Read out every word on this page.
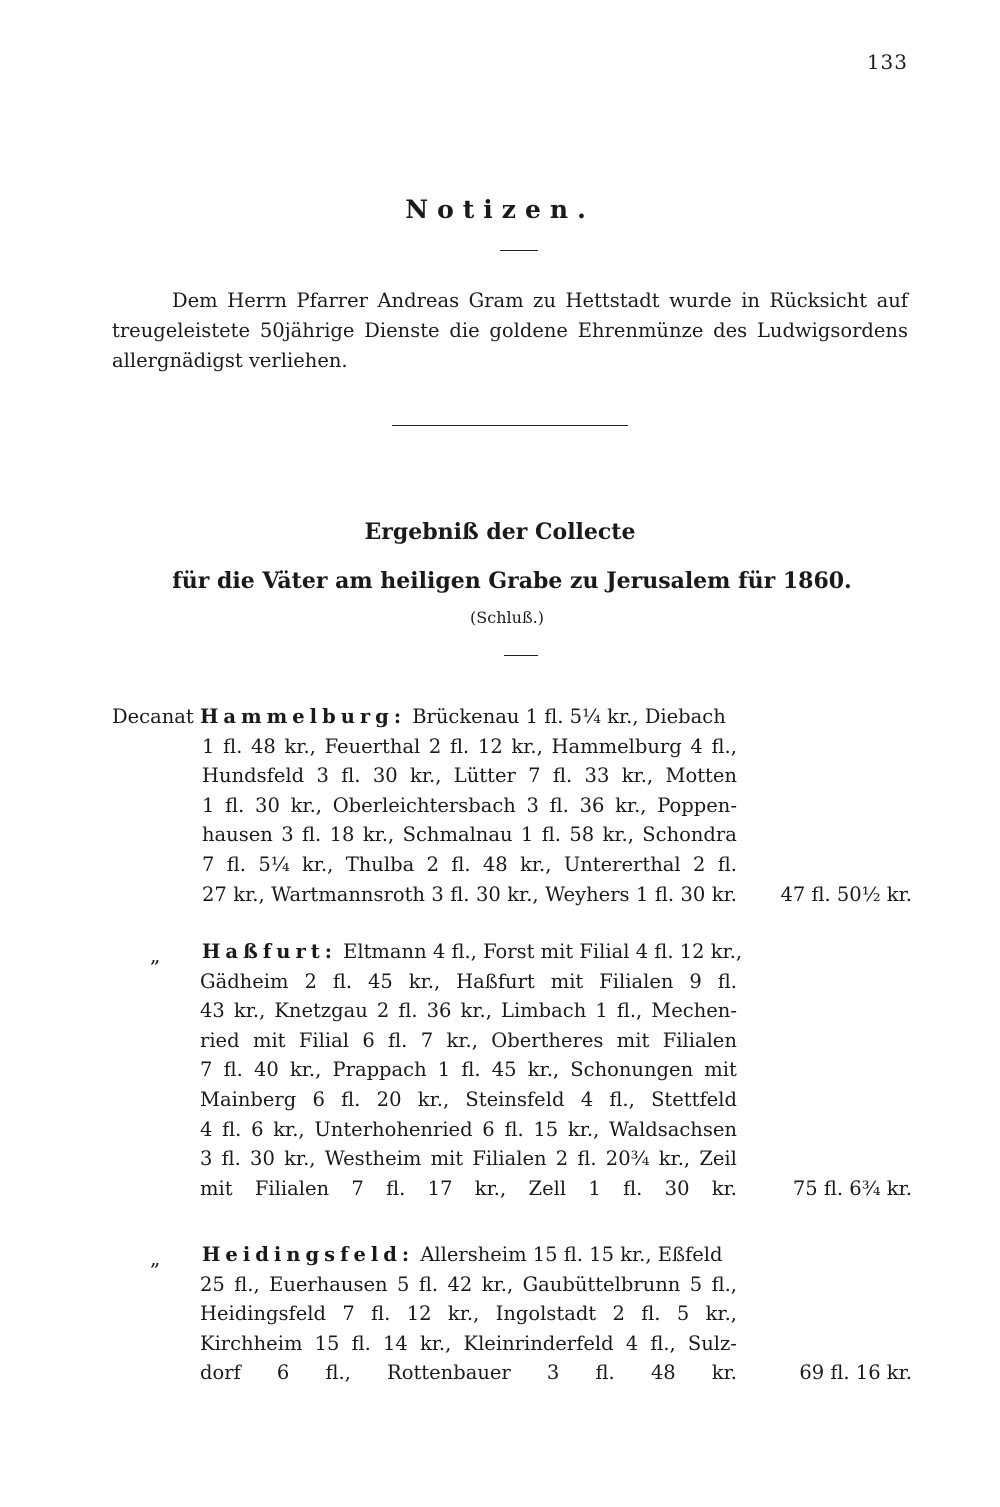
133
Notizen.

Dem Herrn Pfarrer Andreas Gram zu Hettstadt wurde in Rücksicht auf treugeleistete 50jährige Dienste die goldene Ehrenmünze des Ludwigsordens allergnädigst verliehen.

Ergebniß der Collecte
für die Väter am heiligen Grabe zu Jerusalem für 1860.
(Schluß.)
Decanat Hammelburg: Brückenau 1 fl. 5¼ kr., Diebach
1 fl. 48 kr., Feuerthal 2 fl. 12 kr., Hammelburg 4 fl.,
Hundsfeld 3 fl. 30 kr., Lütter 7 fl. 33 kr., Motten
1 fl. 30 kr., Oberleichtersbach 3 fl. 36 kr., Poppen-
hausen 3 fl. 18 kr., Schmalnau 1 fl. 58 kr., Schondra
7 fl. 5¼ kr., Thulba 2 fl. 48 kr., Untererthal 2 fl.
27 kr., Wartmannsroth 3 fl. 30 kr., Weyhers 1 fl. 30 kr. 47 fl. 50½ kr.
„ Haßfurt: Eltmann 4 fl., Forst mit Filial 4 fl. 12 kr.,
Gädheim 2 fl. 45 kr., Haßfurt mit Filialen 9 fl.
43 kr., Knetzgau 2 fl. 36 kr., Limbach 1 fl., Mechen-
ried mit Filial 6 fl. 7 kr., Obertheres mit Filialen
7 fl. 40 kr., Prappach 1 fl. 45 kr., Schonungen mit
Mainberg 6 fl. 20 kr., Steinsfeld 4 fl., Stettfeld
4 fl. 6 kr., Unterhohenried 6 fl. 15 kr., Waldsachsen
3 fl. 30 kr., Westheim mit Filialen 2 fl. 20¾ kr., Zeil
mit Filialen 7 fl. 17 kr., Zell 1 fl. 30 kr.	75 fl. 6¾ kr.
„ Heidingsfeld: Allersheim 15 fl. 15 kr., Eßfeld
25 fl., Euerhausen 5 fl. 42 kr., Gaubüttelbrunn 5 fl.,
Heidingsfeld 7 fl. 12 kr., Ingolstadt 2 fl. 5 kr.,
Kirchheim 15 fl. 14 kr., Kleinrinderfeld 4 fl., Sulz-
dorf 6 fl., Rottenbauer 3 fl. 48 kr.	69 fl. 16 kr.
